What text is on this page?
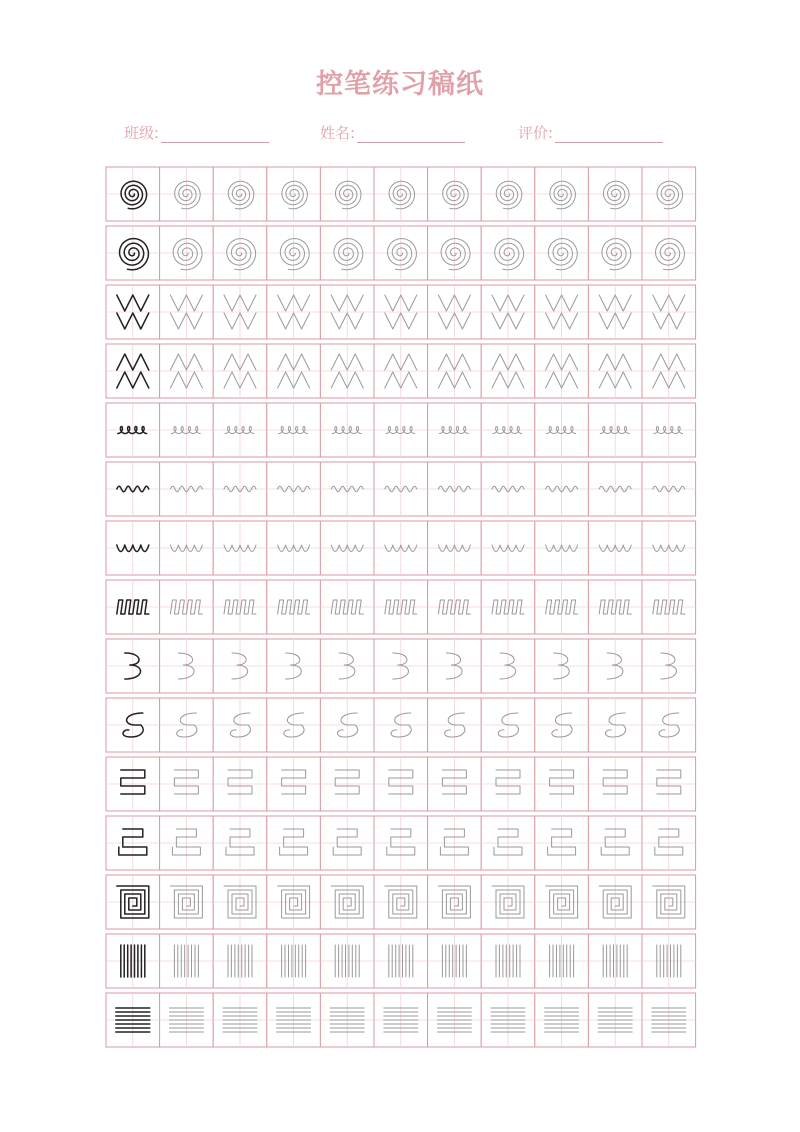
控笔练习稿纸
班级:	姓名:	评价:
